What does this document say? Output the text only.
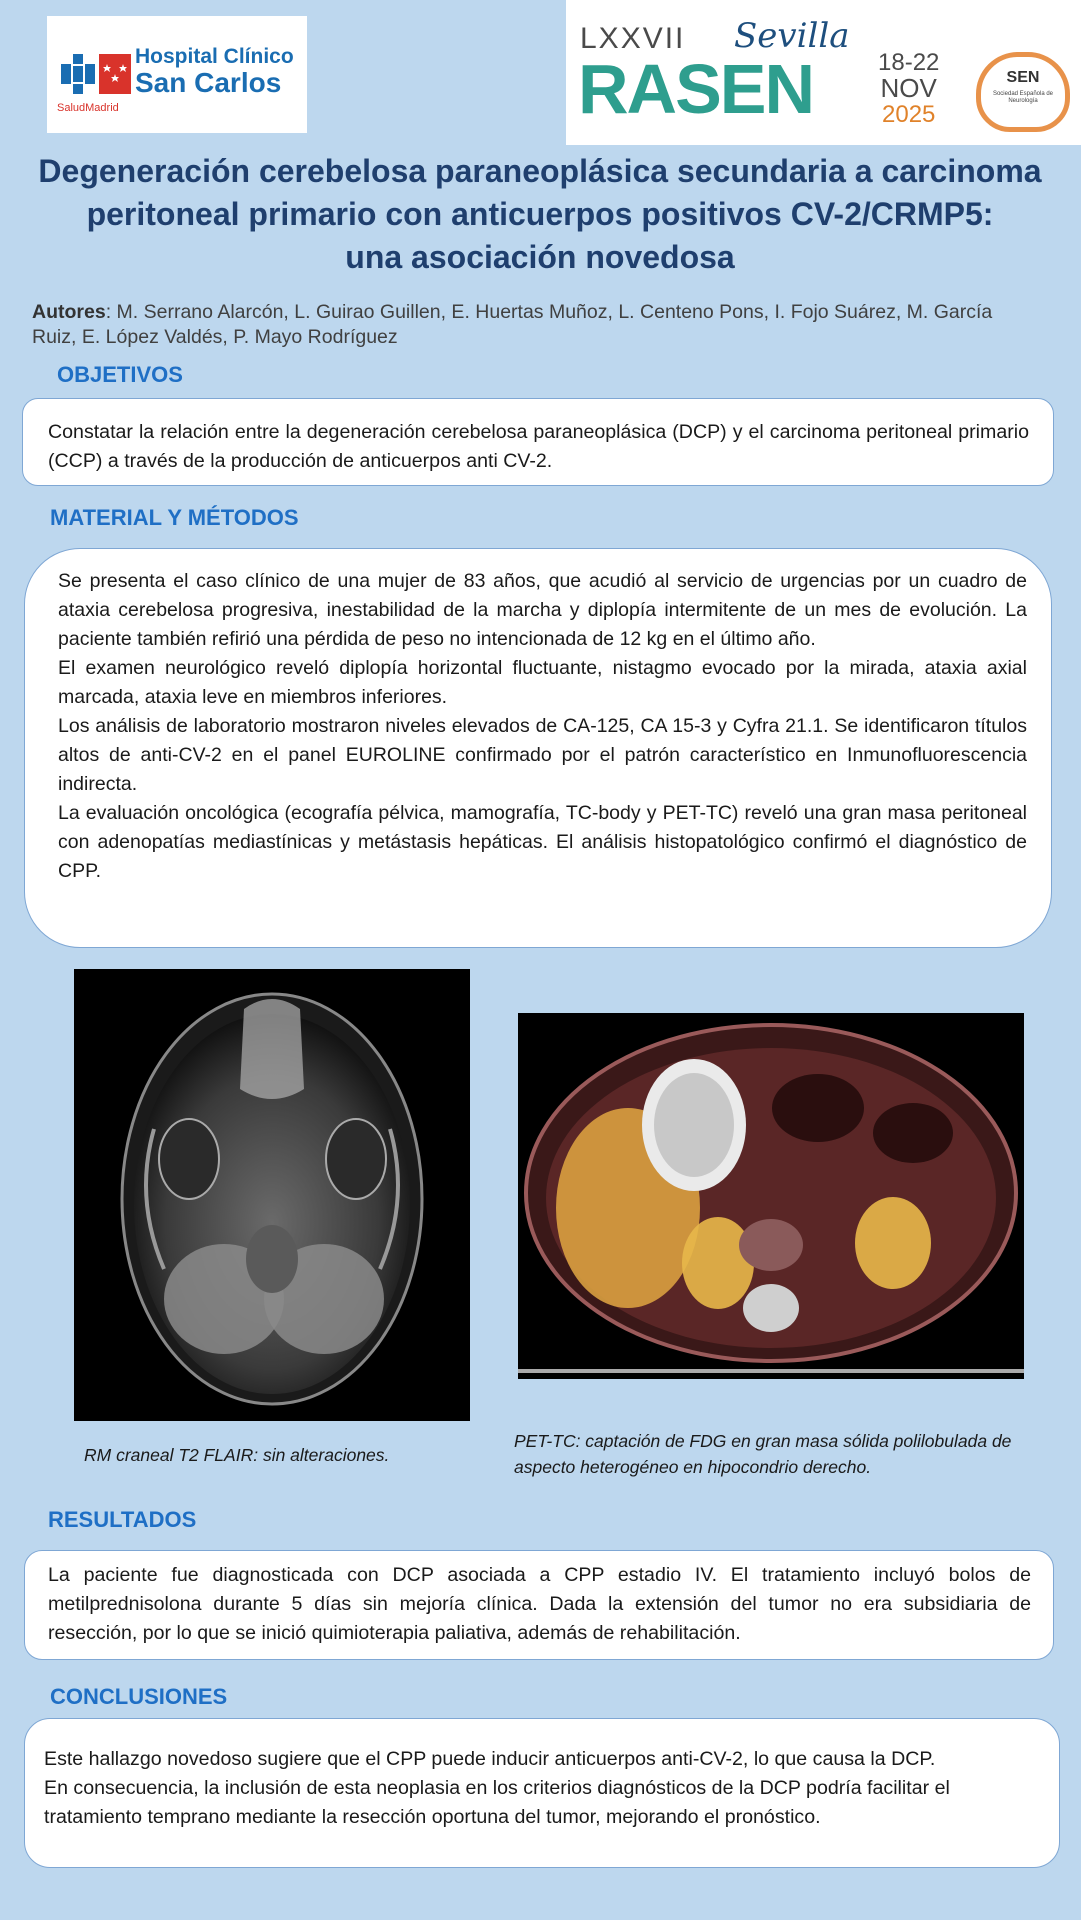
Hospital Clínico
San Carlos
SaludMadrid
LXXVII
RASEN
Sevilla
18-22
NOV
2025
SEN
Sociedad Española de Neurología
Degeneración cerebelosa paraneoplásica secundaria a carcinoma
peritoneal primario con anticuerpos positivos CV-2/CRMP5:
una asociación novedosa
Autores: M. Serrano Alarcón, L. Guirao Guillen, E. Huertas Muñoz, L. Centeno Pons, I. Fojo Suárez, M. García Ruiz, E. López Valdés, P. Mayo Rodríguez
OBJETIVOS

Constatar la relación entre la degeneración cerebelosa paraneoplásica (DCP) y el carcinoma peritoneal primario (CCP) a través de la producción de anticuerpos anti CV-2.

MATERIAL Y MÉTODOS

Se presenta el caso clínico de una mujer de 83 años, que acudió al servicio de urgencias por un cuadro de ataxia cerebelosa progresiva, inestabilidad de la marcha y diplopía intermitente de un mes de evolución. La paciente también refirió una pérdida de peso no intencionada de 12 kg en el último año.

El examen neurológico reveló diplopía horizontal fluctuante, nistagmo evocado por la mirada, ataxia axial marcada, ataxia leve en miembros inferiores.

Los análisis de laboratorio mostraron niveles elevados de CA-125, CA 15-3 y Cyfra 21.1. Se identificaron títulos altos de anti-CV-2 en el panel EUROLINE confirmado por el patrón característico en Inmunofluorescencia indirecta.

La evaluación oncológica (ecografía pélvica, mamografía, TC-body y PET-TC) reveló una gran masa peritoneal con adenopatías mediastínicas y metástasis hepáticas. El análisis histopatológico confirmó el diagnóstico de CPP.

RM craneal T2 FLAIR: sin alteraciones.
PET-TC: captación de FDG en gran masa sólida polilobulada de aspecto heterogéneo en hipocondrio derecho.
RESULTADOS

La paciente fue diagnosticada con DCP asociada a CPP estadio IV. El tratamiento incluyó bolos de metilprednisolona durante 5 días sin mejoría clínica. Dada la extensión del tumor no era subsidiaria de resección, por lo que se inició quimioterapia paliativa, además de rehabilitación.

CONCLUSIONES

Este hallazgo novedoso sugiere que el CPP puede inducir anticuerpos anti-CV-2, lo que causa la DCP.

En consecuencia, la inclusión de esta neoplasia en los criterios diagnósticos de la DCP podría facilitar el tratamiento temprano mediante la resección oportuna del tumor, mejorando el pronóstico.
